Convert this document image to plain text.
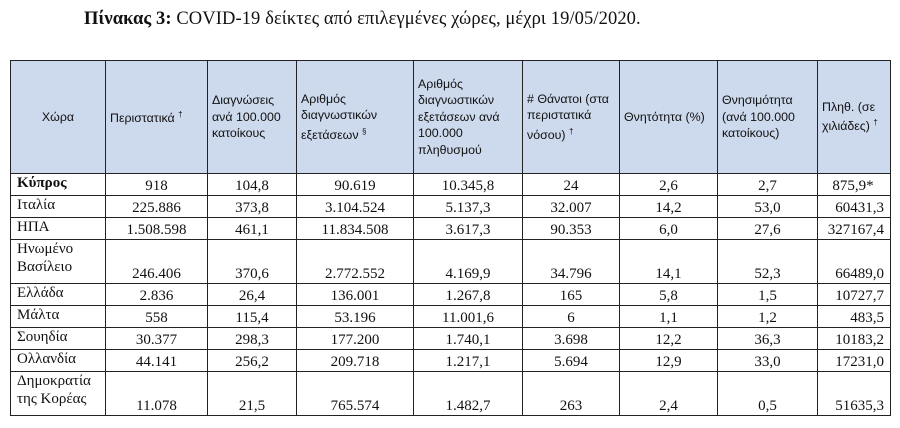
Πίνακας 3: COVID-19 δείκτες από επιλεγμένες χώρες, μέχρι 19/05/2020.
Χώρα	Περιστατικά †	Διαγνώσεις ανά 100.000 κατοίκους	Αριθμός διαγνωστικών εξετάσεων §	Αριθμός διαγνωστικών εξετάσεων ανά 100.000 πληθυσμού	# Θάνατοι (στα περιστατικά νόσου) †	Θνητότητα (%)	Θνησιμότητα (ανά 100.000 κατοίκους)	Πληθ. (σε χιλιάδες) †
Κύπρος	918	104,8	90.619	10.345,8	24	2,6	2,7	875,9*
Ιταλία	225.886	373,8	3.104.524	5.137,3	32.007	14,2	53,0	60431,3
ΗΠΑ	1.508.598	461,1	11.834.508	3.617,3	90.353	6,0	27,6	327167,4
Ηνωμένο Βασίλειο	246.406	370,6	2.772.552	4.169,9	34.796	14,1	52,3	66489,0
Ελλάδα	2.836	26,4	136.001	1.267,8	165	5,8	1,5	10727,7
Μάλτα	558	115,4	53.196	11.001,6	6	1,1	1,2	483,5
Σουηδία	30.377	298,3	177.200	1.740,1	3.698	12,2	36,3	10183,2
Ολλανδία	44.141	256,2	209.718	1.217,1	5.694	12,9	33,0	17231,0
Δημοκρατία της Κορέας	11.078	21,5	765.574	1.482,7	263	2,4	0,5	51635,3
